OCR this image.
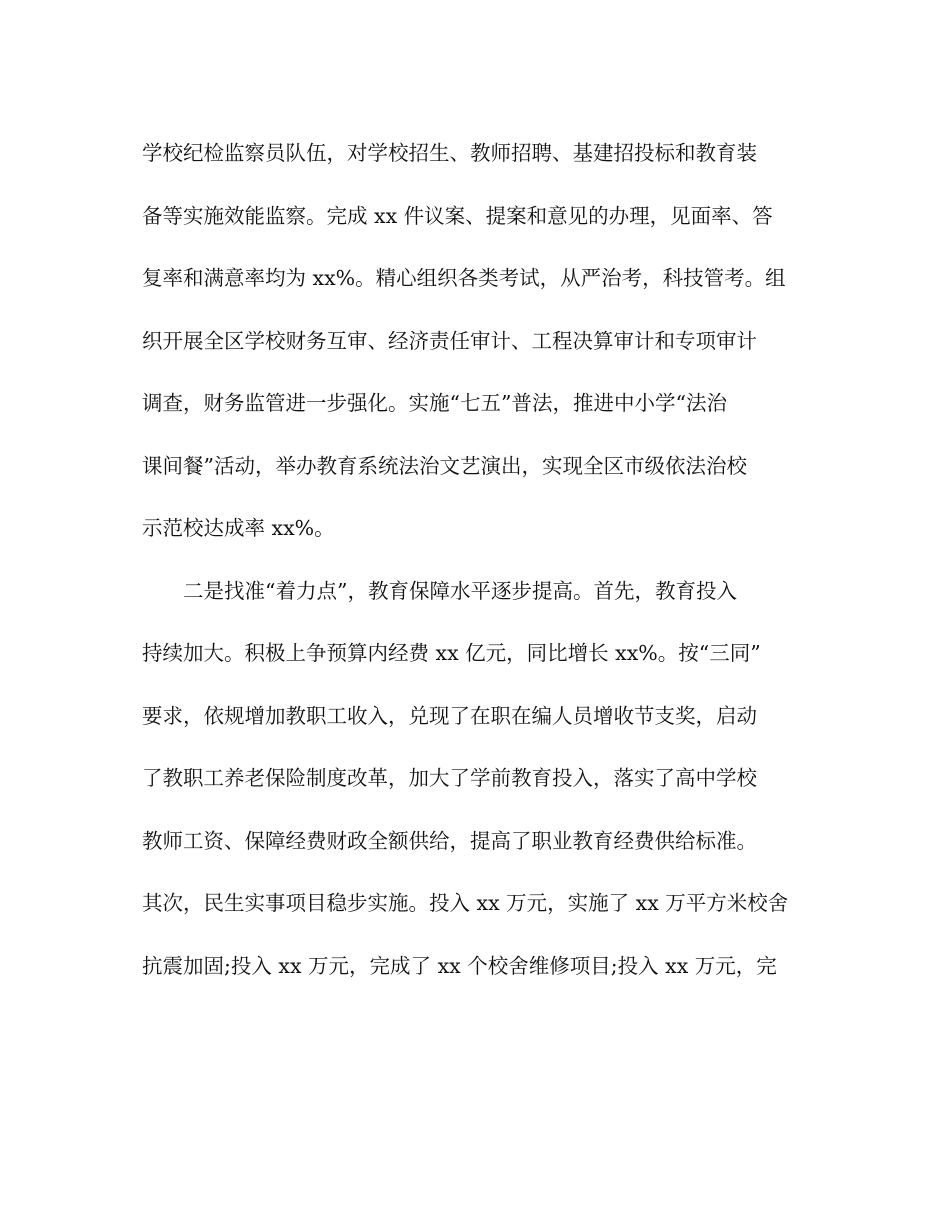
学校纪检监察员队伍，对学校招生、教师招聘、基建招投标和教育装
备等实施效能监察。完成 xx 件议案、提案和意见的办理，见面率、答
复率和满意率均为 xx%。精心组织各类考试，从严治考，科技管考。组
织开展全区学校财务互审、经济责任审计、工程决算审计和专项审计
调查，财务监管进一步强化。实施“七五”普法，推进中小学“法治
课间餐”活动，举办教育系统法治文艺演出，实现全区市级依法治校
示范校达成率 xx%。
二是找准“着力点”，教育保障水平逐步提高。首先，教育投入
持续加大。积极上争预算内经费 xx 亿元，同比增长 xx%。按“三同”
要求，依规增加教职工收入，兑现了在职在编人员增收节支奖，启动
了教职工养老保险制度改革，加大了学前教育投入，落实了高中学校
教师工资、保障经费财政全额供给，提高了职业教育经费供给标准。
其次，民生实事项目稳步实施。投入 xx 万元，实施了 xx 万平方米校舍
抗震加固;投入 xx 万元，完成了 xx 个校舍维修项目;投入 xx 万元，完
